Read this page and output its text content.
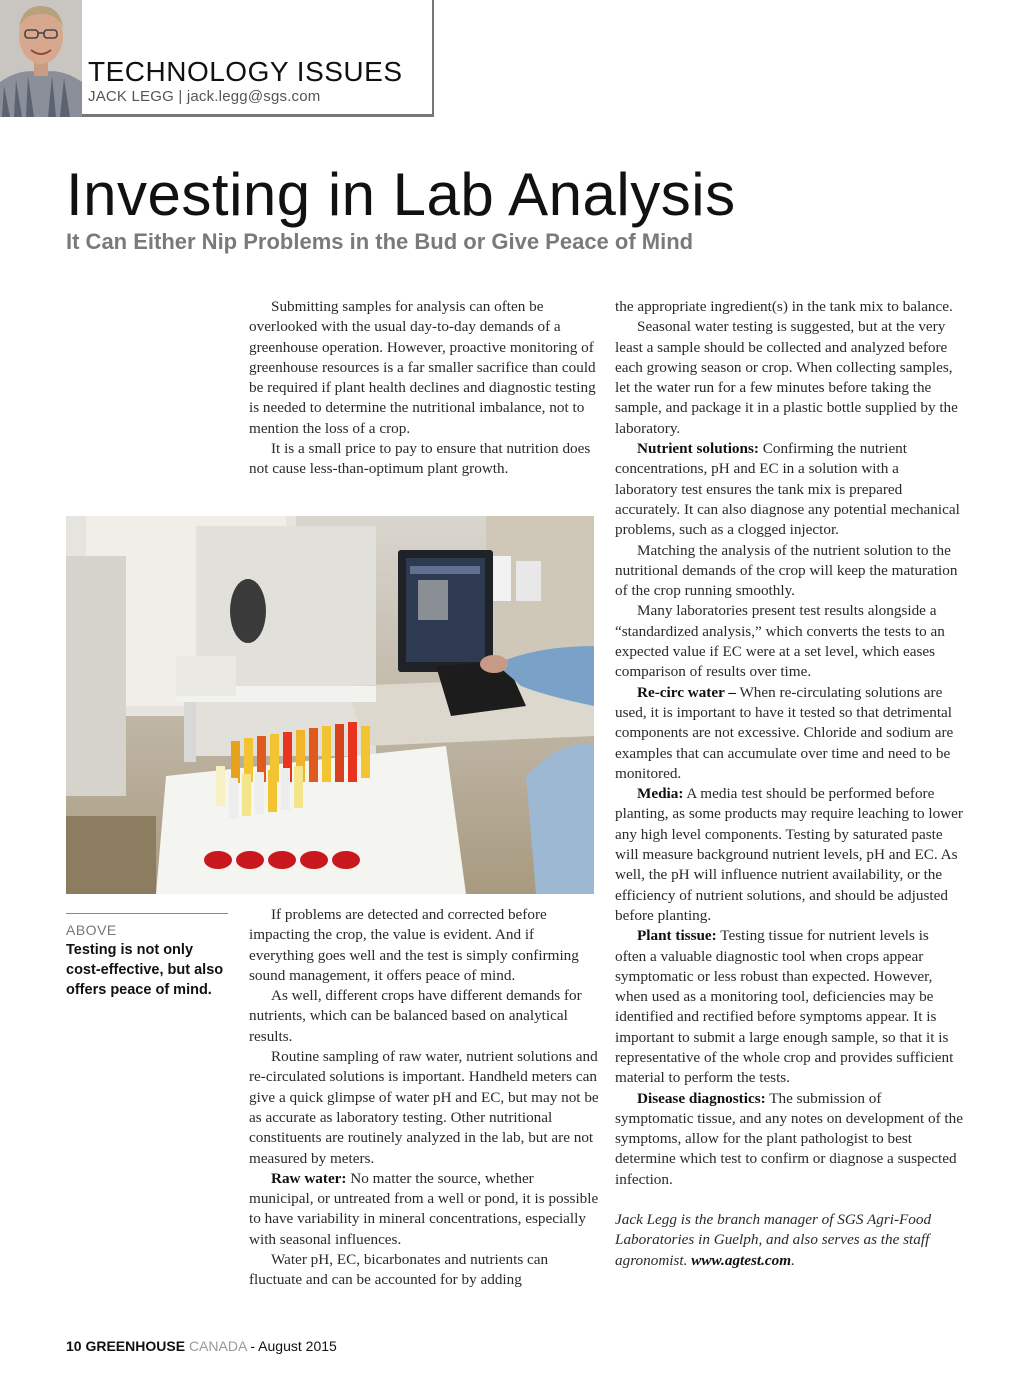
TECHNOLOGY ISSUES
JACK LEGG | jack.legg@sgs.com
Investing in Lab Analysis
It Can Either Nip Problems in the Bud or Give Peace of Mind

Submitting samples for analysis can often be overlooked with the usual day-to-day demands of a greenhouse operation. However, proactive monitoring of greenhouse resources is a far smaller sacrifice than could be required if plant health declines and diagnostic testing is needed to determine the nutritional imbalance, not to mention the loss of a crop.

It is a small price to pay to ensure that nutrition does not cause less-than-optimum plant growth.

ABOVE
Testing is not only cost-effective, but also offers peace of mind.

If problems are detected and corrected before impacting the crop, the value is evident. And if everything goes well and the test is simply confirming sound management, it offers peace of mind.

As well, different crops have different demands for nutrients, which can be balanced based on analytical results.

Routine sampling of raw water, nutrient solutions and re-circulated solutions is important. Handheld meters can give a quick glimpse of water pH and EC, but may not be as accurate as laboratory testing. Other nutritional constituents are routinely analyzed in the lab, but are not measured by meters.

Raw water: No matter the source, whether municipal, or untreated from a well or pond, it is possible to have variability in mineral concentrations, especially with seasonal influences.

Water pH, EC, bicarbonates and nutrients can fluctuate and can be accounted for by adding

the appropriate ingredient(s) in the tank mix to balance.

Seasonal water testing is suggested, but at the very least a sample should be collected and analyzed before each growing season or crop. When collecting samples, let the water run for a few minutes before taking the sample, and package it in a plastic bottle supplied by the laboratory.

Nutrient solutions: Confirming the nutrient concentrations, pH and EC in a solution with a laboratory test ensures the tank mix is prepared accurately. It can also diagnose any potential mechanical problems, such as a clogged injector.

Matching the analysis of the nutrient solution to the nutritional demands of the crop will keep the maturation of the crop running smoothly.

Many laboratories present test results alongside a “standardized analysis,” which converts the tests to an expected value if EC were at a set level, which eases comparison of results over time.

Re-circ water – When re-circulating solutions are used, it is important to have it tested so that detrimental components are not excessive. Chloride and sodium are examples that can accumulate over time and need to be monitored.

Media: A media test should be performed before planting, as some products may require leaching to lower any high level components. Testing by saturated paste will measure background nutrient levels, pH and EC. As well, the pH will influence nutrient availability, or the efficiency of nutrient solutions, and should be adjusted before planting.

Plant tissue: Testing tissue for nutrient levels is often a valuable diagnostic tool when crops appear symptomatic or less robust than expected. However, when used as a monitoring tool, deficiencies may be identified and rectified before symptoms appear. It is important to submit a large enough sample, so that it is representative of the whole crop and provides sufficient material to perform the tests.

Disease diagnostics: The submission of symptomatic tissue, and any notes on development of the symptoms, allow for the plant pathologist to best determine which test to confirm or diagnose a suspected infection.

Jack Legg is the branch manager of SGS Agri-Food Laboratories in Guelph, and also serves as the staff agronomist. www.agtest.com.

10 GREENHOUSE CANADA - August 2015
